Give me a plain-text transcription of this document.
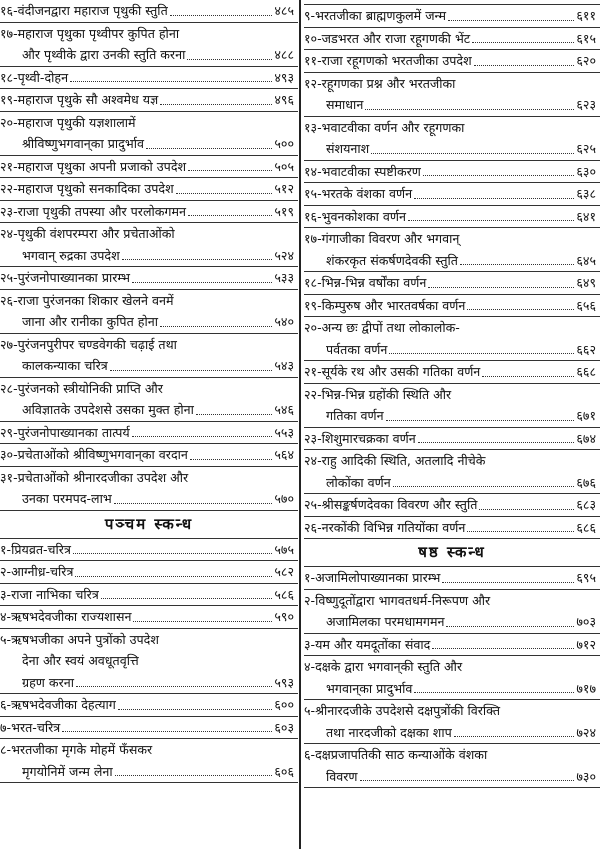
१६-वंदीजनद्वारा महाराज पृथुकी स्तुति	४८५
१७-महाराज पृथुका पृथ्वीपर कुपित होना
और पृथ्वीके द्वारा उनकी स्तुति करना	४८८
१८-पृथ्वी-दोहन	४९३
१९-महाराज पृथुके सौ अश्वमेध यज्ञ	४९६
२०-महाराज पृथुकी यज्ञशालामें
श्रीविष्णुभगवान्‌का प्रादुर्भाव	५००
२१-महाराज पृथुका अपनी प्रजाको उपदेश	५०५
२२-महाराज पृथुको सनकादिका उपदेश	५१२
२३-राजा पृथुकी तपस्या और परलोकगमन	५१९
२४-पृथुकी वंशपरम्परा और प्रचेताओंको
भगवान् रुद्रका उपदेश	५२४
२५-पुरंजनोपाख्यानका प्रारम्भ	५३३
२६-राजा पुरंजनका शिकार खेलने वनमें
जाना और रानीका कुपित होना	५४०
२७-पुरंजनपुरीपर चण्डवेगकी चढ़ाई तथा
कालकन्याका चरित्र	५४३
२८-पुरंजनको स्त्रीयोनिकी प्राप्ति और
अविज्ञातके उपदेशसे उसका मुक्त होना	५४६
२९-पुरंजनोपाख्यानका तात्पर्य	५५३
३०-प्रचेताओंको श्रीविष्णुभगवान्‌का वरदान	५६४
३१-प्रचेताओंको श्रीनारदजीका उपदेश और
उनका परमपद-लाभ	५७०
पञ्चम स्कन्ध
१-प्रियव्रत-चरित्र	५७५
२-आग्नीध्र-चरित्र	५८२
३-राजा नाभिका चरित्र	५८६
४-ऋषभदेवजीका राज्यशासन	५९०
५-ऋषभजीका अपने पुत्रोंको उपदेश
देना और स्वयं अवधूतवृत्ति
ग्रहण करना	५९३
६-ऋषभदेवजीका देहत्याग	६००
७-भरत-चरित्र	६०३
८-भरतजीका मृगके मोहमें फँसकर
मृगयोनिमें जन्म लेना	६०६
९-भरतजीका ब्राह्मणकुलमें जन्म	६११
१०-जडभरत और राजा रहूगणकी भेंट	६१५
११-राजा रहूगणको भरतजीका उपदेश	६२०
१२-रहूगणका प्रश्न और भरतजीका
समाधान	६२३
१३-भवाटवीका वर्णन और रहूगणका
संशयनाश	६२५
१४-भवाटवीका स्पष्टीकरण	६३०
१५-भरतके वंशका वर्णन	६३८
१६-भुवनकोशका वर्णन	६४१
१७-गंगाजीका विवरण और भगवान्
शंकरकृत संकर्षणदेवकी स्तुति	६४५
१८-भिन्न-भिन्न वर्षोंका वर्णन	६४९
१९-किम्पुरुष और भारतवर्षका वर्णन	६५६
२०-अन्य छः द्वीपों तथा लोकालोक-
पर्वतका वर्णन	६६२
२१-सूर्यके रथ और उसकी गतिका वर्णन	६६८
२२-भिन्न-भिन्न ग्रहोंकी स्थिति और
गतिका वर्णन	६७१
२३-शिशुमारचक्रका वर्णन	६७४
२४-राहु आदिकी स्थिति, अतलादि नीचेके
लोकोंका वर्णन	६७६
२५-श्रीसङ्कर्षणदेवका विवरण और स्तुति	६८३
२६-नरकोंकी विभिन्न गतियोंका वर्णन	६८६
षष्ठ स्कन्ध
१-अजामिलोपाख्यानका प्रारम्भ	६९५
२-विष्णुदूतोंद्वारा भागवतधर्म-निरूपण और
अजामिलका परमधामगमन	७०३
३-यम और यमदूतोंका संवाद	७१२
४-दक्षके द्वारा भगवान्‌की स्तुति और
भगवान्‌का प्रादुर्भाव	७१७
५-श्रीनारदजीके उपदेशसे दक्षपुत्रोंकी विरक्ति
तथा नारदजीको दक्षका शाप	७२४
६-दक्षप्रजापतिकी साठ कन्याओंके वंशका
विवरण	७३०
